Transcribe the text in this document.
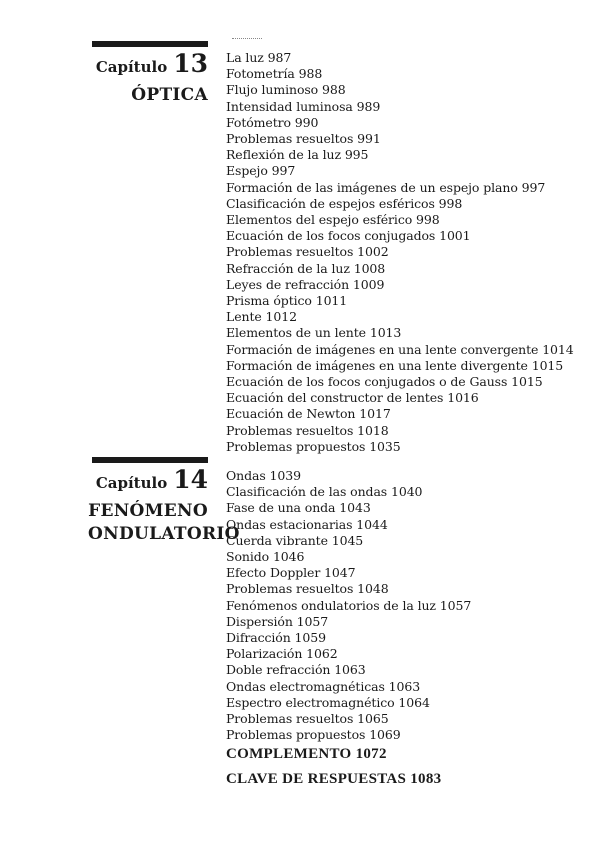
Capítulo 13
ÓPTICA
La luz 987
Fotometría 988
Flujo luminoso 988
Intensidad luminosa 989
Fotómetro 990
Problemas resueltos 991
Reflexión de la luz 995
Espejo 997
Formación de las imágenes de un espejo plano 997
Clasificación de espejos esféricos 998
Elementos del espejo esférico 998
Ecuación de los focos conjugados 1001
Problemas resueltos 1002
Refracción de la luz 1008
Leyes de refracción 1009
Prisma óptico 1011
Lente 1012
Elementos de un lente 1013
Formación de imágenes en una lente convergente 1014
Formación de imágenes en una lente divergente 1015
Ecuación de los focos conjugados o de Gauss 1015
Ecuación del constructor de lentes 1016
Ecuación de Newton 1017
Problemas resueltos 1018
Problemas propuestos 1035
Capítulo 14
FENÓMENO
ONDULATORIO
Ondas 1039
Clasificación de las ondas 1040
Fase de una onda 1043
Ondas estacionarias 1044
Cuerda vibrante 1045
Sonido 1046
Efecto Doppler 1047
Problemas resueltos 1048
Fenómenos ondulatorios de la luz 1057
Dispersión 1057
Difracción 1059
Polarización 1062
Doble refracción 1063
Ondas electromagnéticas 1063
Espectro electromagnético 1064
Problemas resueltos 1065
Problemas propuestos 1069
COMPLEMENTO 1072
CLAVE DE RESPUESTAS 1083
